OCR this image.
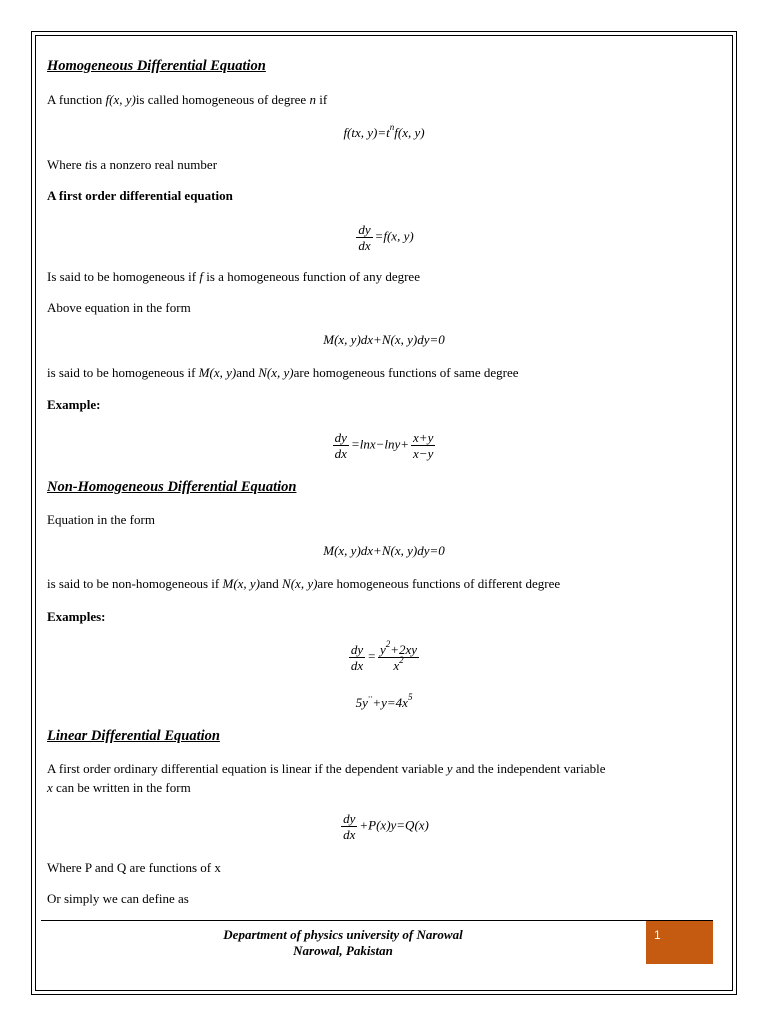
Homogeneous Differential Equation
A function f(x, y)is called homogeneous of degree n if
f(tx, $y)=t^nf(x$, y)
Where tis a nonzero real number
A first order differential equation
$\frac{dy}{dx} =f(x$, y)
Is said to be homogeneous if f is a homogeneous function of any degree
Above equation in the form
M(x, y)dx+N(x, y)dy=0
is said to be homogeneous if M(x, y)and N(x, y)are homogeneous functions of same degree
Example:
$\frac{dy}{dx} =\ln x-\ln y+ \frac{x+y}{x-y}$
Non-Homogeneous Differential Equation
Equation in the form
M(x, y)dx+N(x, y)dy=0
is said to be non-homogeneous if M(x, y)and N(x, y)are homogeneous functions of different degree
Examples:
$\frac{dy}{dx} = \frac{y^2+2xy}{x^2}$
$5y^{\cdot\cdot}+y=4x^5$
Linear Differential Equation
A first order ordinary differential equation is linear if the dependent variable y and the independent variable
x can be written in the form
$\frac{dy}{dx} +P(x)y=Q(x)$
Where P and Q are functions of x
Or simply we can define as
Department of physics university of Narowal
Narowal, Pakistan
1
